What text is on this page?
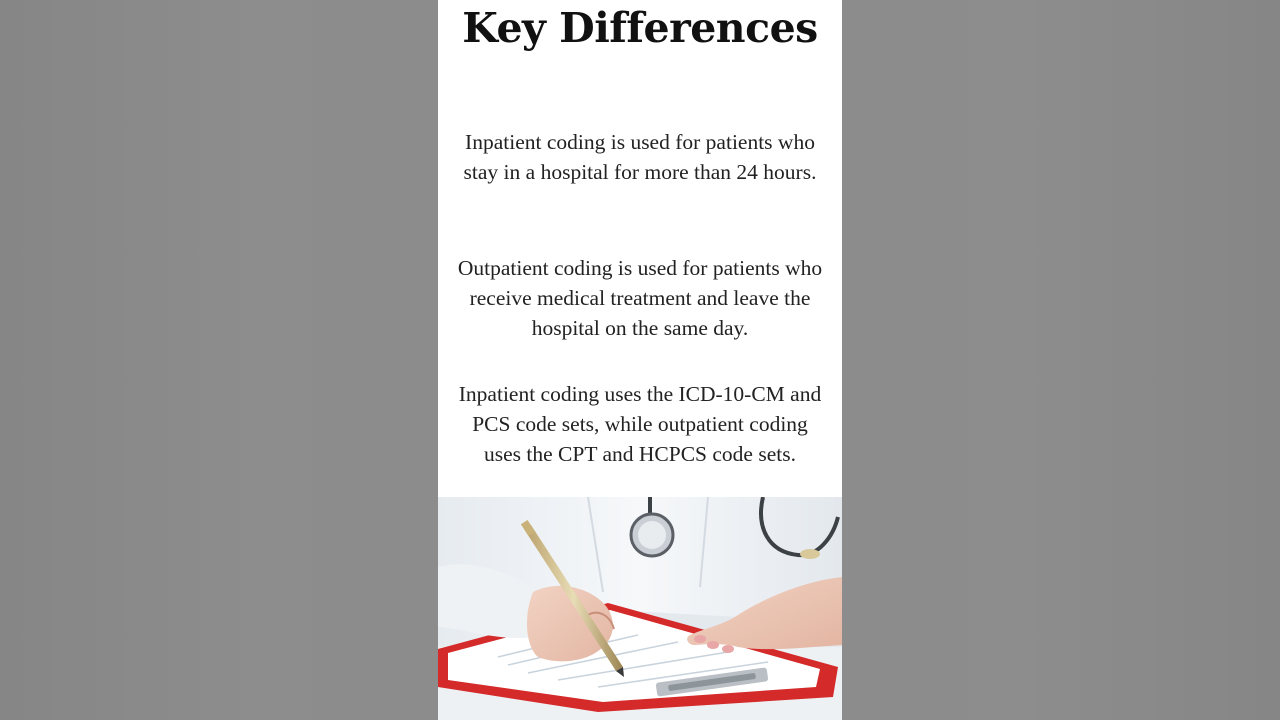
Key Differences

Inpatient coding is used for patients who stay in a hospital for more than 24 hours.

Outpatient coding is used for patients who receive medical treatment and leave the hospital on the same day.

Inpatient coding uses the ICD-10-CM and PCS code sets, while outpatient coding uses the CPT and HCPCS code sets.
